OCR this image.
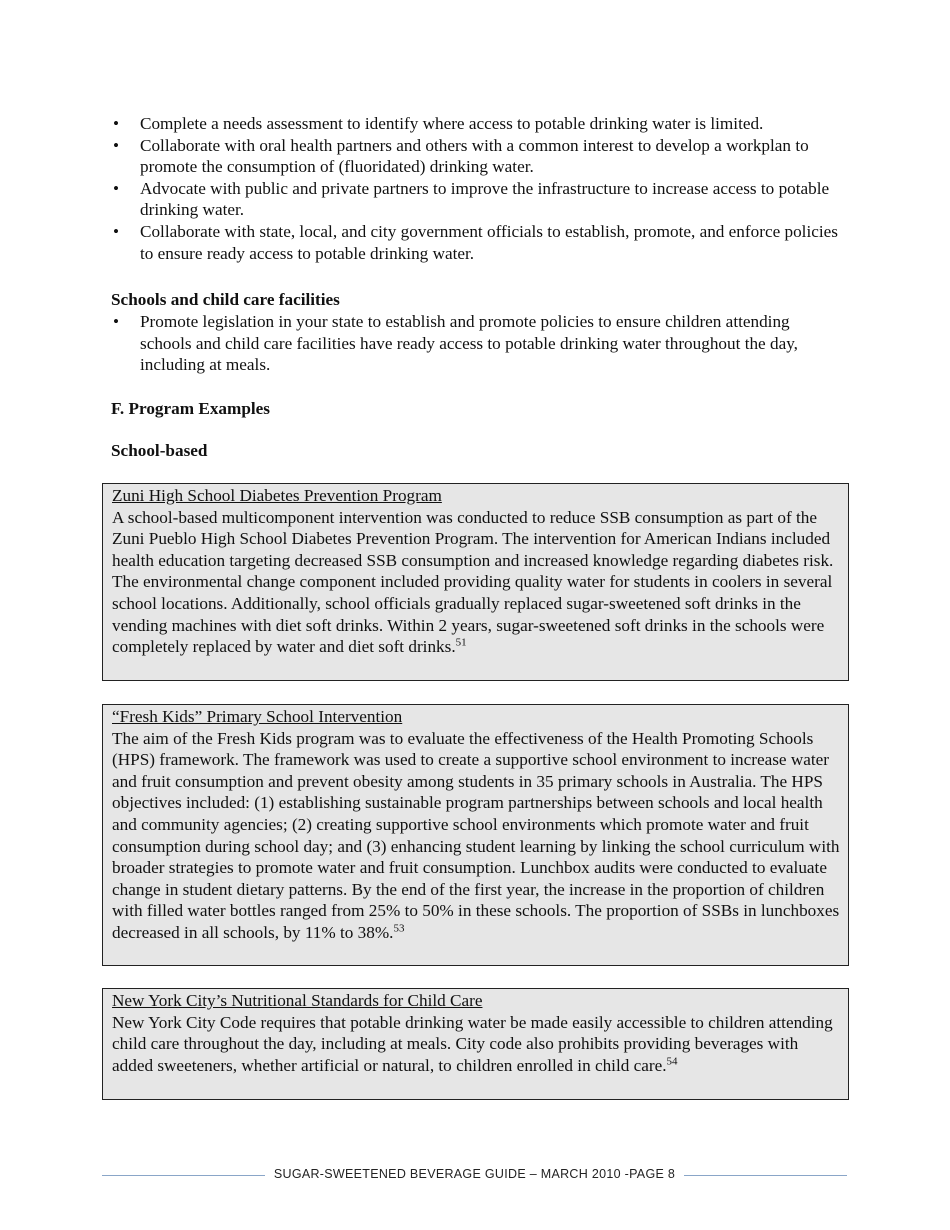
• Complete a needs assessment to identify where access to potable drinking water is limited.
• Collaborate with oral health partners and others with a common interest to develop a workplan to promote the consumption of (fluoridated) drinking water.
• Advocate with public and private partners to improve the infrastructure to increase access to potable drinking water.
• Collaborate with state, local, and city government officials to establish, promote, and enforce policies to ensure ready access to potable drinking water.
Schools and child care facilities
• Promote legislation in your state to establish and promote policies to ensure children attending schools and child care facilities have ready access to potable drinking water throughout the day, including at meals.
F. Program Examples
School-based
Zuni High School Diabetes Prevention Program
A school-based multicomponent intervention was conducted to reduce SSB consumption as part of the Zuni Pueblo High School Diabetes Prevention Program. The intervention for American Indians included health education targeting decreased SSB consumption and increased knowledge regarding diabetes risk. The environmental change component included providing quality water for students in coolers in several school locations. Additionally, school officials gradually replaced sugar-sweetened soft drinks in the vending machines with diet soft drinks. Within 2 years, sugar-sweetened soft drinks in the schools were completely replaced by water and diet soft drinks.$^{51}$
“Fresh Kids” Primary School Intervention
The aim of the Fresh Kids program was to evaluate the effectiveness of the Health Promoting Schools (HPS) framework. The framework was used to create a supportive school environment to increase water and fruit consumption and prevent obesity among students in 35 primary schools in Australia. The HPS objectives included: (1) establishing sustainable program partnerships between schools and local health and community agencies; (2) creating supportive school environments which promote water and fruit consumption during school day; and (3) enhancing student learning by linking the school curriculum with broader strategies to promote water and fruit consumption. Lunchbox audits were conducted to evaluate change in student dietary patterns. By the end of the first year, the increase in the proportion of children with filled water bottles ranged from 25% to 50% in these schools. The proportion of SSBs in lunchboxes decreased in all schools, by 11% to 38%.$^{53}$
New York City’s Nutritional Standards for Child Care
New York City Code requires that potable drinking water be made easily accessible to children attending child care throughout the day, including at meals. City code also prohibits providing beverages with added sweeteners, whether artificial or natural, to children enrolled in child care.$^{54}$
SUGAR-SWEETENED BEVERAGE GUIDE – MARCH 2010 -PAGE 8
